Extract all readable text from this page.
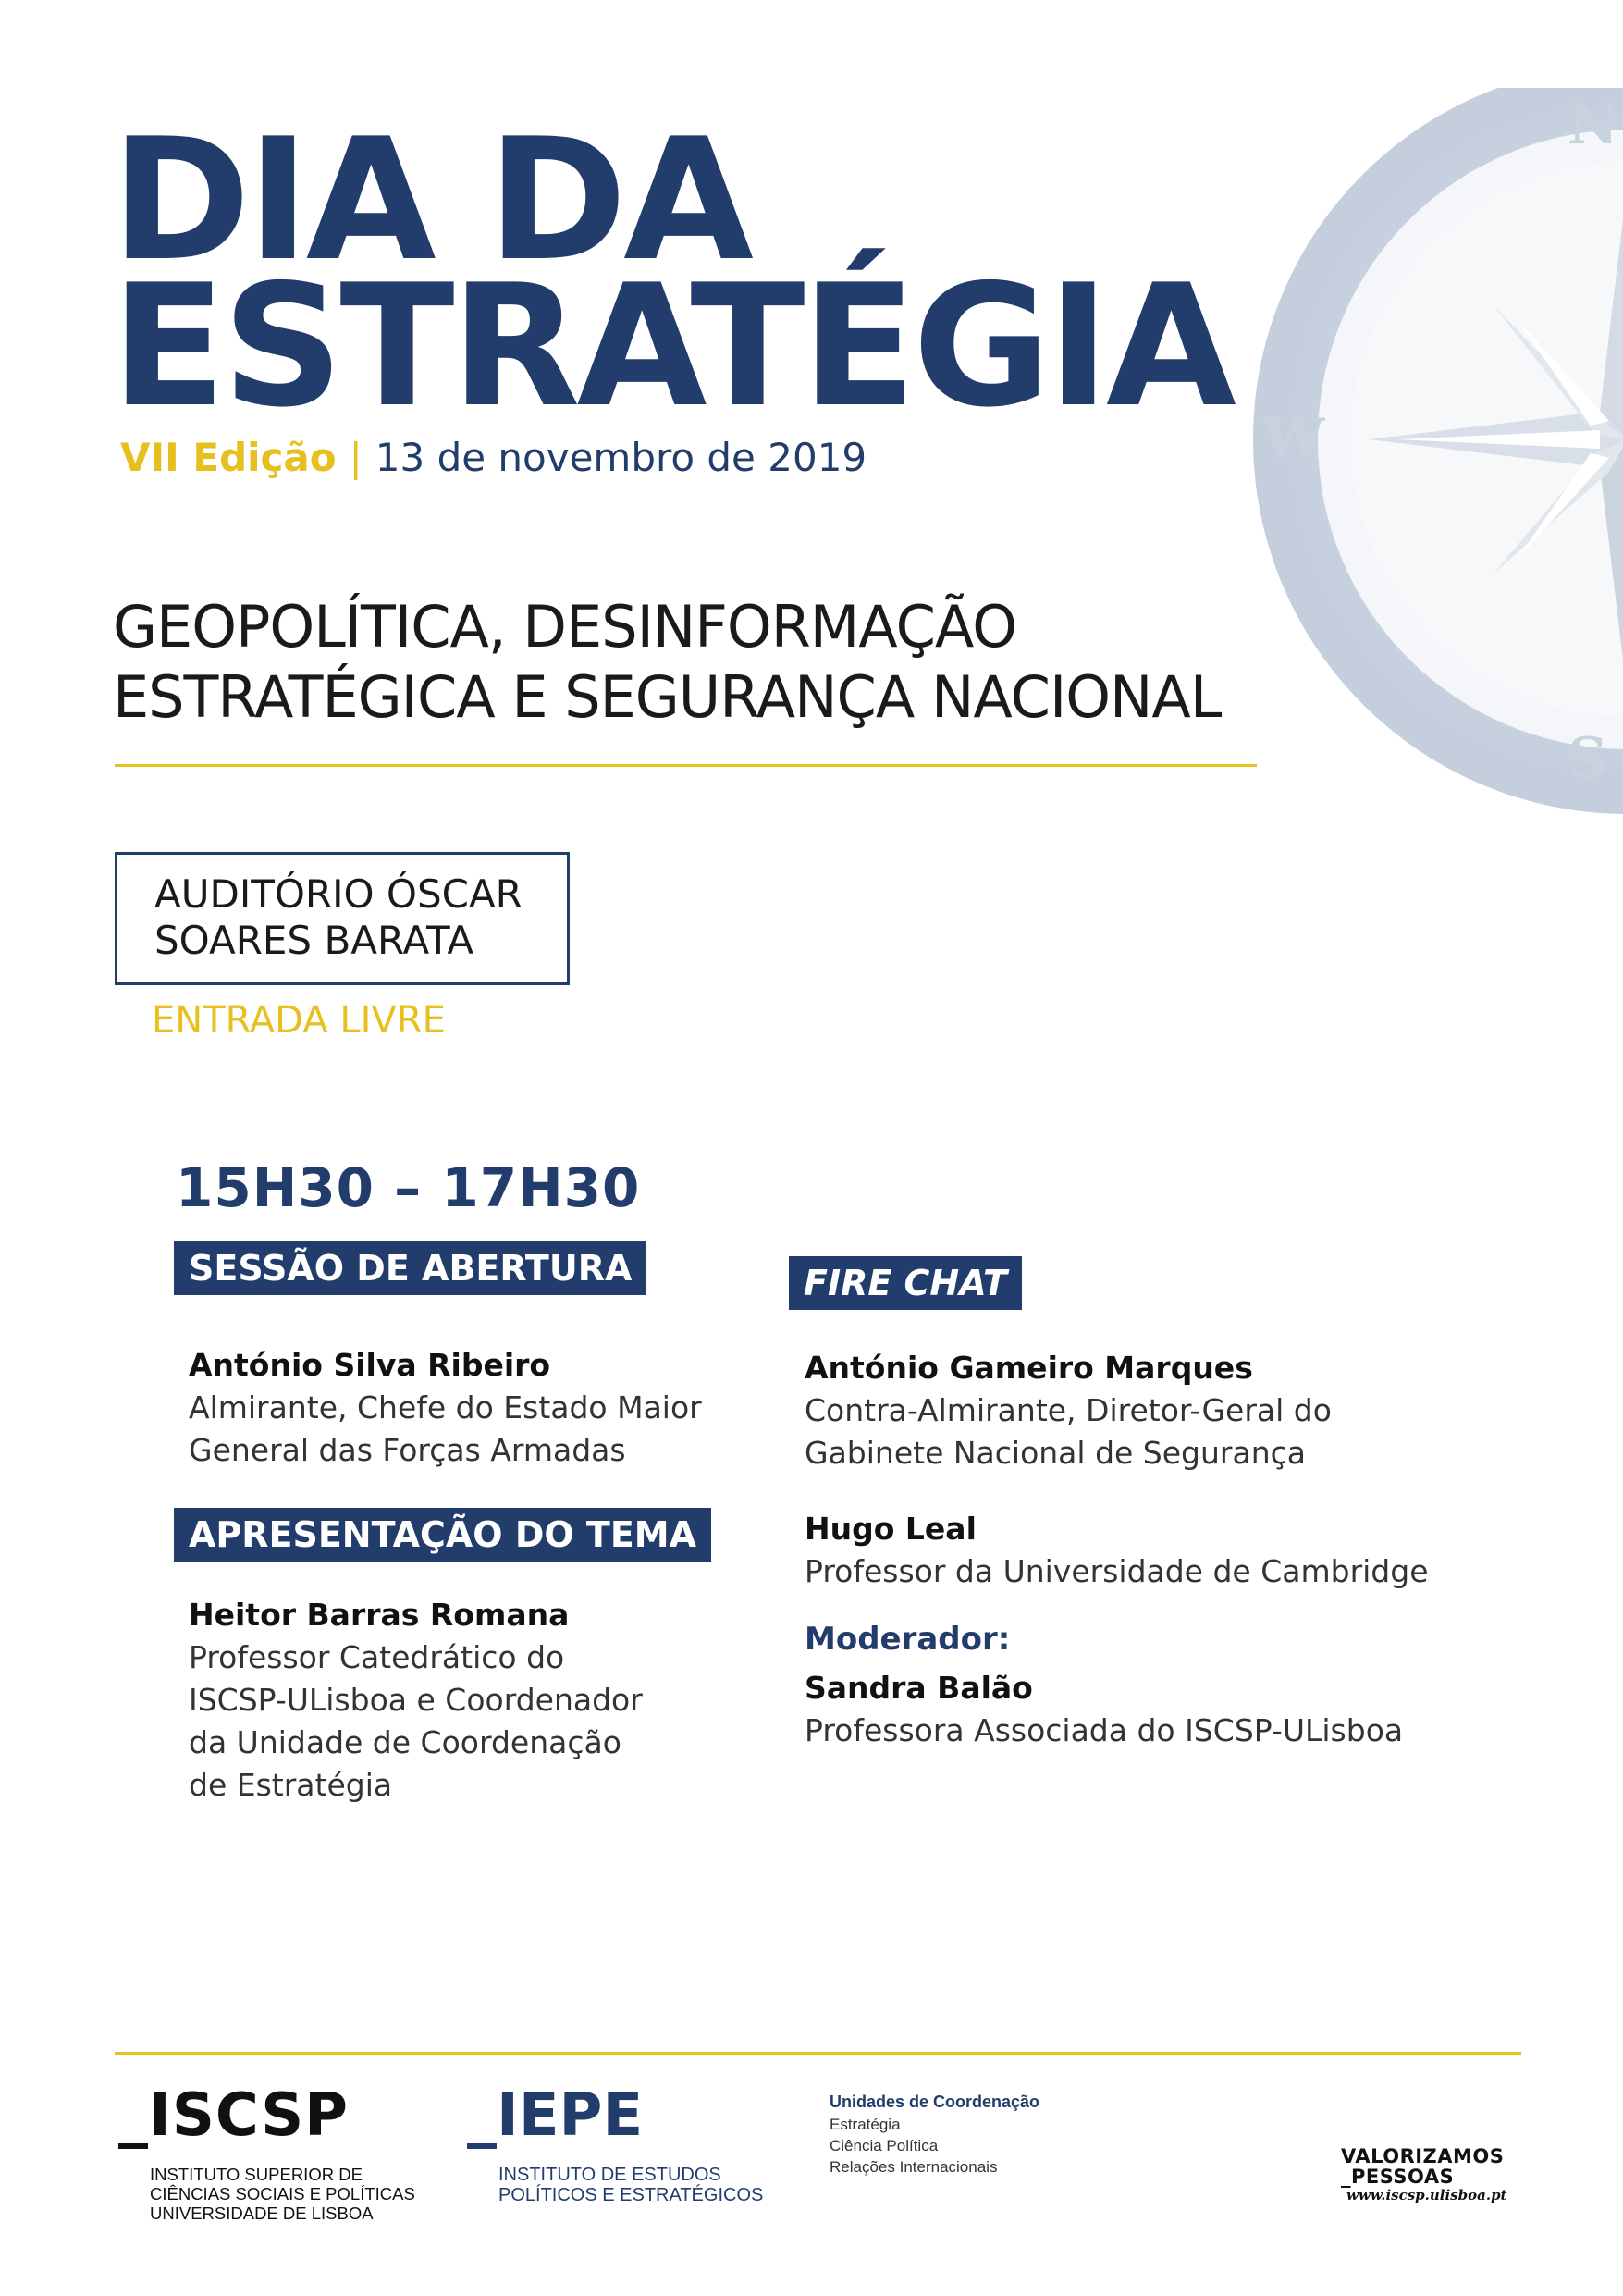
N
W
S
DIA DA
ESTRATÉGIA
VII Edição | 13 de novembro de 2019
GEOPOLÍTICA, DESINFORMAÇÃO
ESTRATÉGICA E SEGURANÇA NACIONAL
AUDITÓRIO ÓSCAR
SOARES BARATA
ENTRADA LIVRE
15H30 – 17H30
SESSÃO DE ABERTURA
António Silva Ribeiro
Almirante, Chefe do Estado Maior
General das Forças Armadas
APRESENTAÇÃO DO TEMA
Heitor Barras Romana
Professor Catedrático do
ISCSP-ULisboa e Coordenador
da Unidade de Coordenação
de Estratégia
FIRE CHAT
António Gameiro Marques
Contra-Almirante, Diretor-Geral do
Gabinete Nacional de Segurança
Hugo Leal
Professor da Universidade de Cambridge
Moderador:
Sandra Balão
Professora Associada do ISCSP-ULisboa
_ISCSP
INSTITUTO SUPERIOR DE
CIÊNCIAS SOCIAIS E POLÍTICAS
UNIVERSIDADE DE LISBOA
_IEPE
INSTITUTO DE ESTUDOS
POLÍTICOS E ESTRATÉGICOS
Unidades de Coordenação
Estratégia
Ciência Política
Relações Internacionais	VALORIZAMOS
_PESSOAS
www.iscsp.ulisboa.pt
